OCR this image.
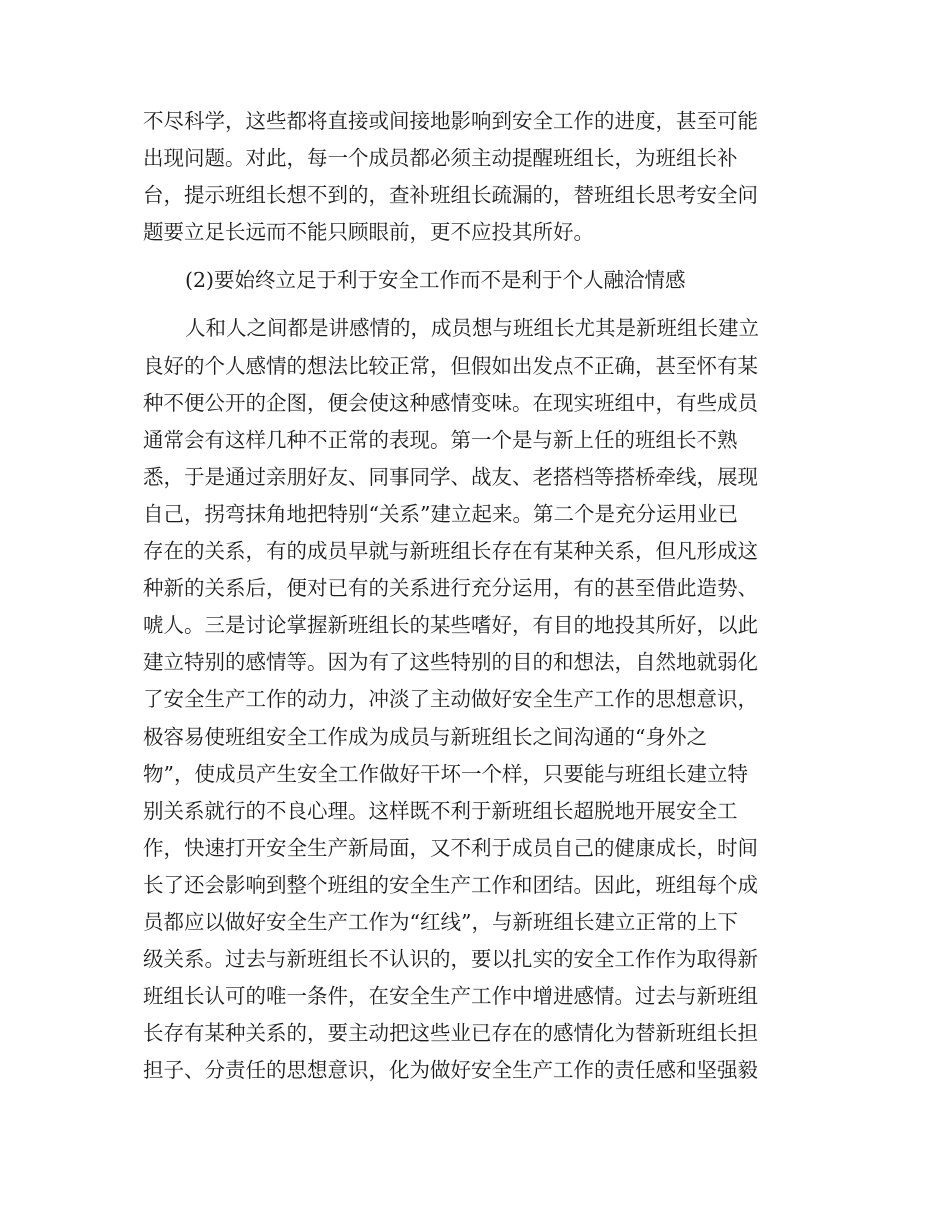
不尽科学，这些都将直接或间接地影响到安全工作的进度，甚至可能
出现问题。对此，每一个成员都必须主动提醒班组长，为班组长补
台，提示班组长想不到的，查补班组长疏漏的，替班组长思考安全问
题要立足长远而不能只顾眼前，更不应投其所好。
(2)要始终立足于利于安全工作而不是利于个人融洽情感
人和人之间都是讲感情的，成员想与班组长尤其是新班组长建立
良好的个人感情的想法比较正常，但假如出发点不正确，甚至怀有某
种不便公开的企图，便会使这种感情变味。在现实班组中，有些成员
通常会有这样几种不正常的表现。第一个是与新上任的班组长不熟
悉，于是通过亲朋好友、同事同学、战友、老搭档等搭桥牵线，展现
自己，拐弯抹角地把特别“关系”建立起来。第二个是充分运用业已
存在的关系，有的成员早就与新班组长存在有某种关系，但凡形成这
种新的关系后，便对已有的关系进行充分运用，有的甚至借此造势、
唬人。三是讨论掌握新班组长的某些嗜好，有目的地投其所好，以此
建立特别的感情等。因为有了这些特别的目的和想法，自然地就弱化
了安全生产工作的动力，冲淡了主动做好安全生产工作的思想意识，
极容易使班组安全工作成为成员与新班组长之间沟通的“身外之
物”，使成员产生安全工作做好干坏一个样，只要能与班组长建立特
别关系就行的不良心理。这样既不利于新班组长超脱地开展安全工
作，快速打开安全生产新局面，又不利于成员自己的健康成长，时间
长了还会影响到整个班组的安全生产工作和团结。因此，班组每个成
员都应以做好安全生产工作为“红线”，与新班组长建立正常的上下
级关系。过去与新班组长不认识的，要以扎实的安全工作作为取得新
班组长认可的唯一条件，在安全生产工作中增进感情。过去与新班组
长存有某种关系的，要主动把这些业已存在的感情化为替新班组长担
担子、分责任的思想意识，化为做好安全生产工作的责任感和坚强毅
